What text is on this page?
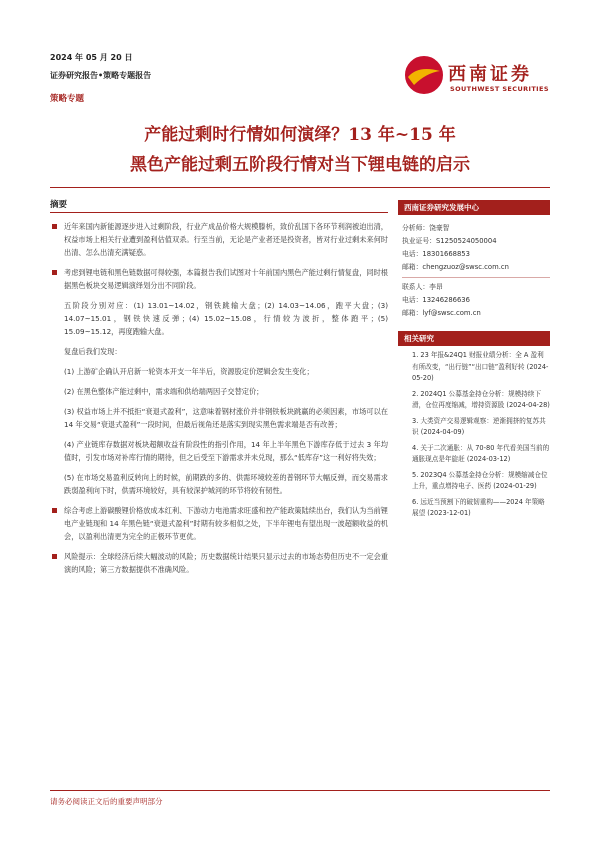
2024 年 05 月 20 日
证券研究报告•策略专题报告
策略专题
西南证券
SOUTHWEST SECURITIES
产能过剩时行情如何演绎？13 年~15 年
黑色产能过剩五阶段行情对当下锂电链的启示
摘要

近年来国内新能源逐步进入过剩阶段，行业产成品价格大规模滕析，致价乱国下各环节利润被迫出清，权益市场上相关行业遭到盈利估值双杀。行至当前，无论是产业者还是投资者，皆对行业过剩未来何时出清、怎么出清充满疑惑。

考虑到锂电链和黑色链数据可得较强，本篇报告我们试图对十年前国内黑色产能过剩行情复盘，同时根据黑色板块交易逻辑演绎划分出不同阶段。

五阶段分别对应：(1) 13.01~14.02，钢铁跳输大盘；(2) 14.03~14.06，跑平大盘；(3) 14.07~15.01，钢铁快速反弹；(4) 15.02~15.08，行情较为波折，整体跑平；(5) 15.09~15.12，再度跑输大盘。

复盘后我们发现：

(1) 上游矿企确认开启新一轮资本开支一年半后，资源股定价逻辑会发生变化；

(2) 在黑色整体产能过剩中，需求端和供给端两因子交替定价；

(3) 权益市场上并不抵拒“衰退式盈利”，这意味着钢材涨价并非钢铁板块跳赢的必须因素，市场可以在 14 年交易“衰退式盈利”一段时间，但最后视角还是落实到现实黑色需求端是否有改善；

(4) 产业链库存数据对板块超额收益有阶段性的指引作用，14 年上半年黑色下游库存低于过去 3 年均值时，引发市场对补库行情的期待，但之后受至下游需求并未兑现，那么“低库存”这一利好将失效；

(5) 在市场交易盈利反转向上的时候，前期跌的多的、供需环境较差的普钢环节大幅反弹，而交易需求跌弱盈利向下时，供需环境较好，具有较深护城河的环节将较有韧性。

综合考虑上游碳酸锂价格放成本红利、下游动力电池需求旺盛和控产能政策陆续出台，我们认为当前锂电产业链现和 14 年黑色链“衰退式盈利”时期有较多相似之处，下半年锂电有望出现一波超额收益的机会，以盈利出清更为完全的正极环节更优。

风险提示：全球经济后续大幅波动的风险；历史数据统计结果只显示过去的市场态势但历史不一定会重演的风险；第三方数据提供不准确风险。

西南证券研究发展中心
分析师：饶豪智
执业证号：S1250524050004
电话：18301668853
邮箱：chengzuoz@swsc.com.cn
联系人：李昂
电话：13246286636
邮箱：lyf@swsc.com.cn
相关研究
1. 23 年报&24Q1 财报业绩分析：全 A 盈利有所改变，“出行链”“出口链”盈利好转 (2024-05-20)
2. 2024Q1 公募基金持仓分析：规模持续下滑，仓位再度缩减，增持资源股 (2024-04-28)
3. 大类资产交易逻辑观察：逆渐拥挤的复苏共识 (2024-04-09)
4. 关于二次通胀：从 70-80 年代看美国当前的通胀现点是年旋赶 (2024-03-12)
5. 2023Q4 公募基金持仓分析：规模缩减仓位上升，重点增持电子、医药 (2024-01-29)
6. 远近当预割下的破韧重构——2024 年策略展望 (2023-12-01)
请务必阅读正文后的重要声明部分
